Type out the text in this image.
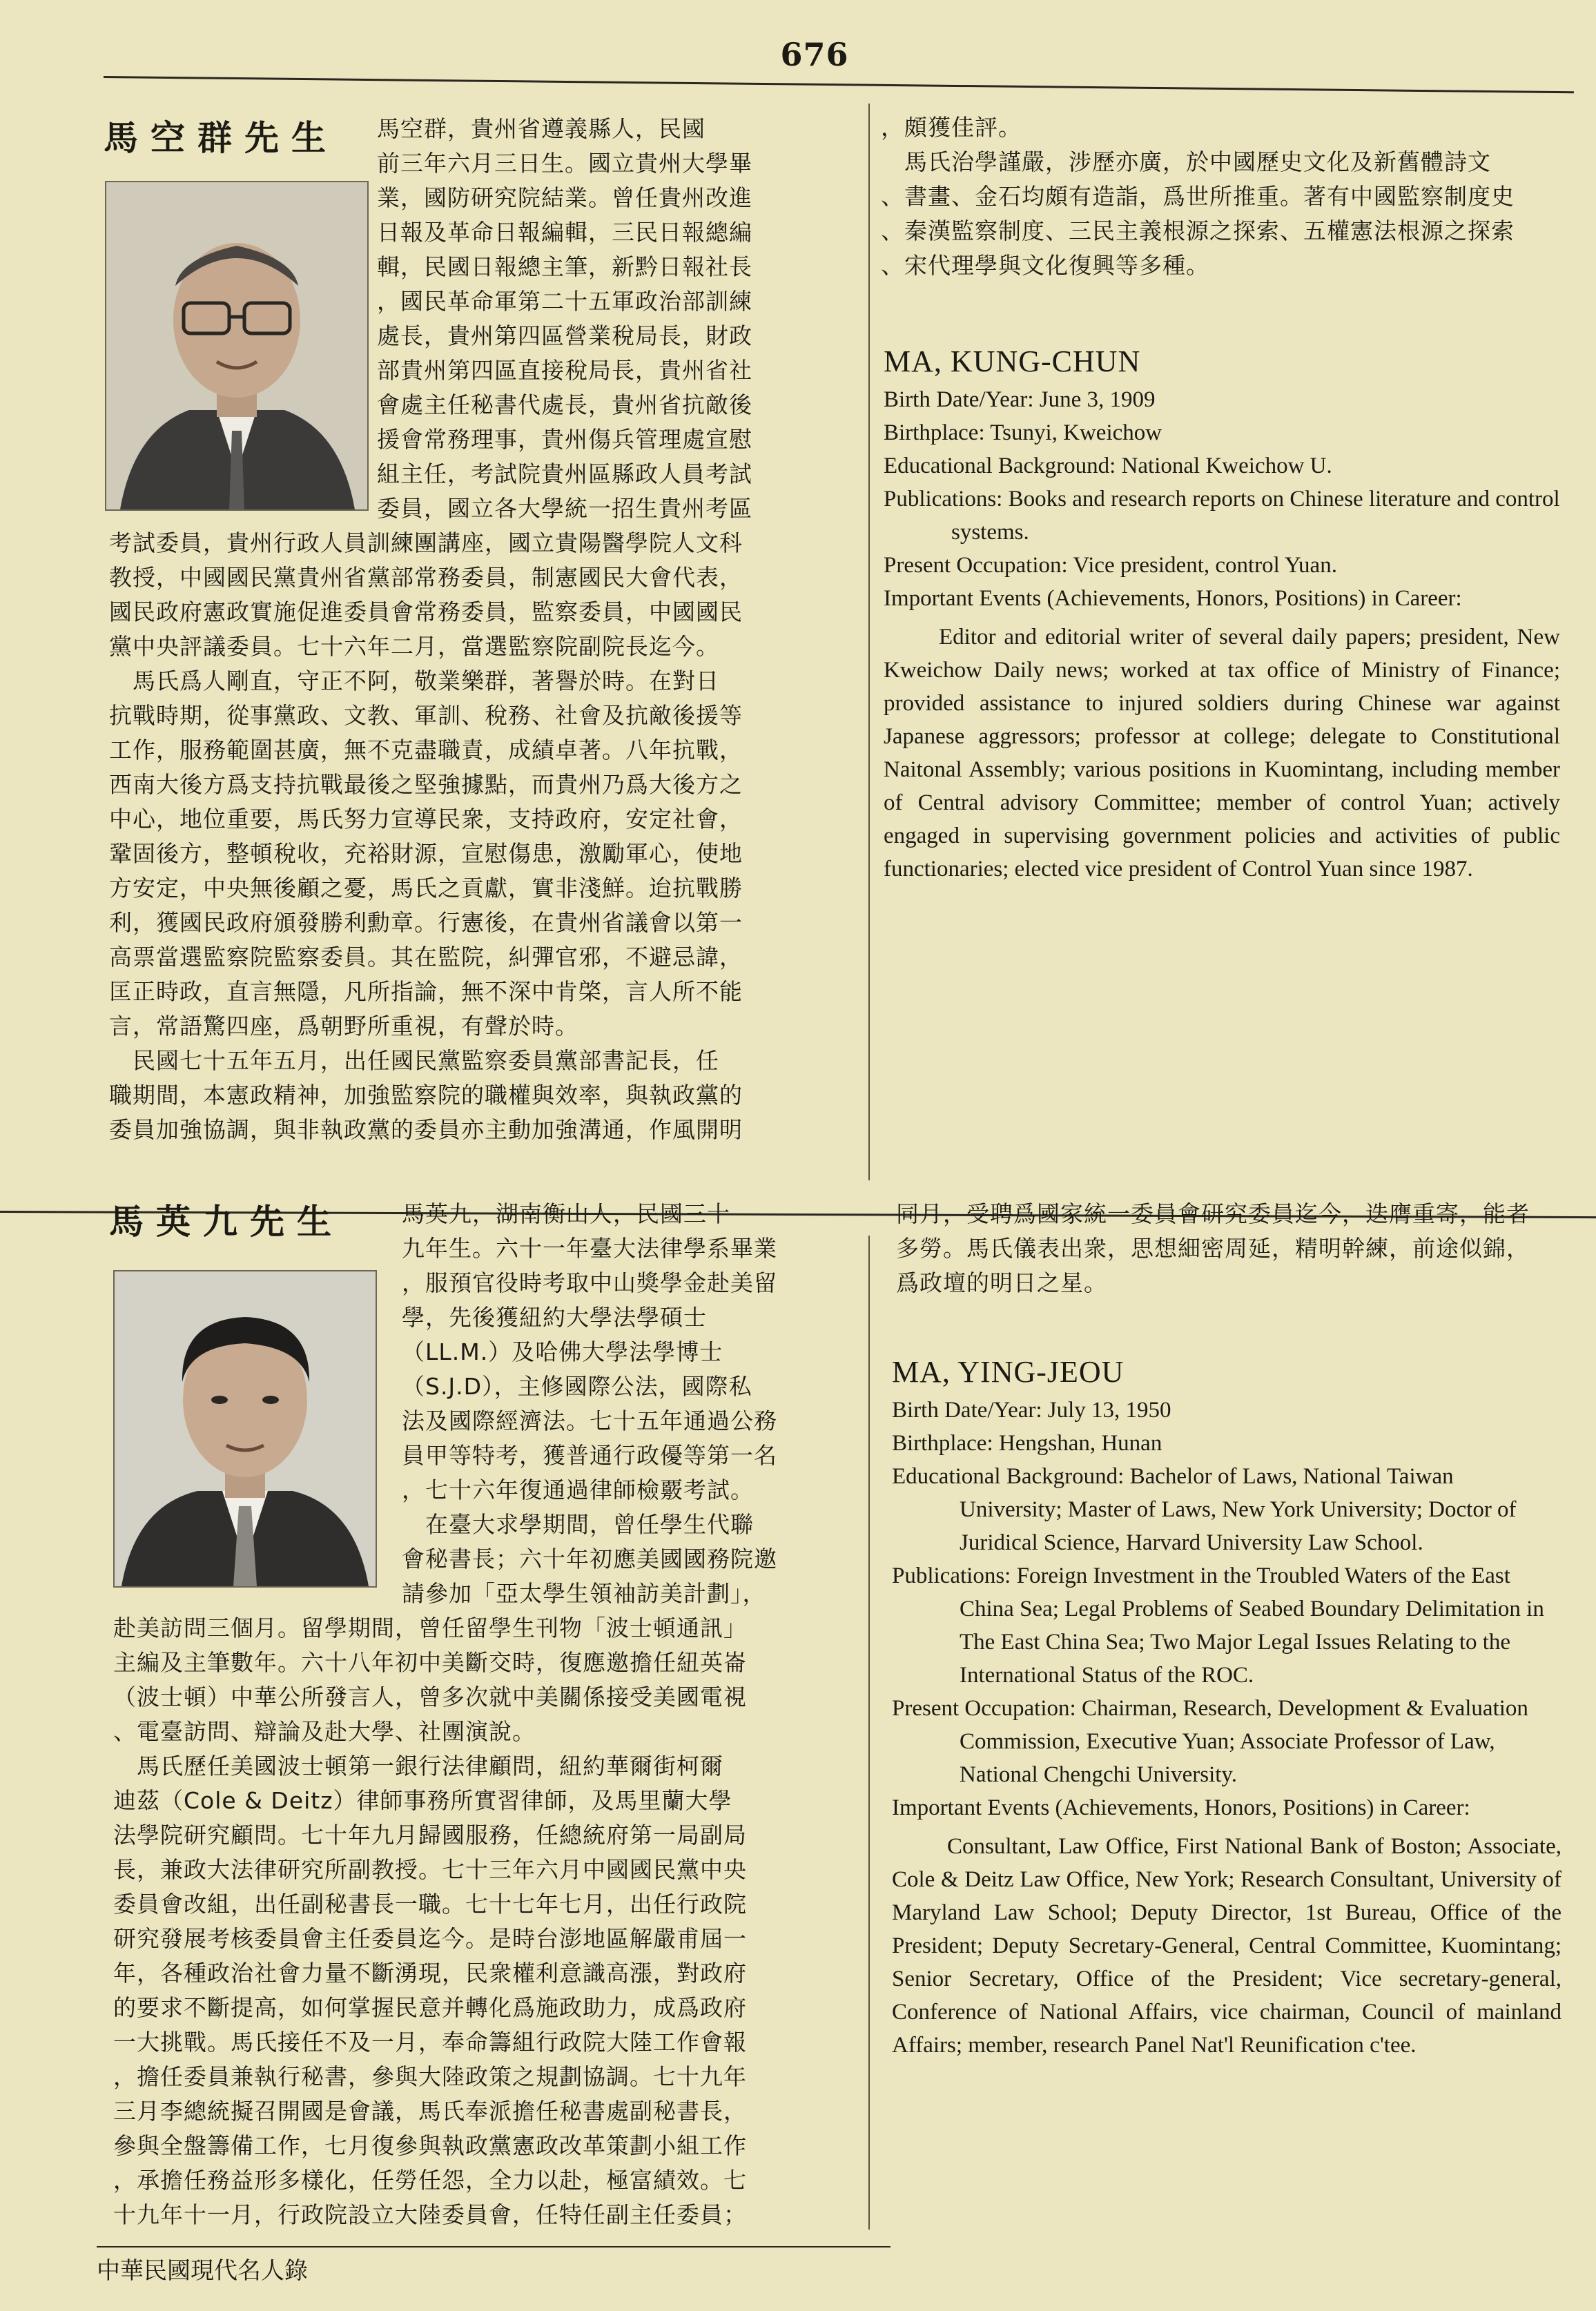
676
馬空群先生 馬空群，貴州省遵義縣人，民國
前三年六月三日生。國立貴州大學畢
業，國防研究院結業。曾任貴州改進
日報及革命日報編輯，三民日報總編
輯，民國日報總主筆，新黔日報社長
，國民革命軍第二十五軍政治部訓練
處長，貴州第四區營業稅局長，財政
部貴州第四區直接稅局長，貴州省社
會處主任秘書代處長，貴州省抗敵後
援會常務理事，貴州傷兵管理處宣慰
組主任，考試院貴州區縣政人員考試
委員，國立各大學統一招生貴州考區
考試委員，貴州行政人員訓練團講座，國立貴陽醫學院人文科
教授，中國國民黨貴州省黨部常務委員，制憲國民大會代表，
國民政府憲政實施促進委員會常務委員，監察委員，中國國民
黨中央評議委員。七十六年二月，當選監察院副院長迄今。
　馬氏爲人剛直，守正不阿，敬業樂群，著譽於時。在對日
抗戰時期，從事黨政、文教、軍訓、稅務、社會及抗敵後援等
工作，服務範圍甚廣，無不克盡職責，成績卓著。八年抗戰，
西南大後方爲支持抗戰最後之堅強據點，而貴州乃爲大後方之
中心，地位重要，馬氏努力宣導民衆，支持政府，安定社會，
鞏固後方，整頓稅收，充裕財源，宣慰傷患，激勵軍心，使地
方安定，中央無後顧之憂，馬氏之貢獻，實非淺鮮。迨抗戰勝
利，獲國民政府頒發勝利勳章。行憲後，在貴州省議會以第一
高票當選監察院監察委員。其在監院，糾彈官邪，不避忌諱，
匡正時政，直言無隱，凡所指論，無不深中肯棨，言人所不能
言，常語驚四座，爲朝野所重視，有聲於時。
　民國七十五年五月，出任國民黨監察委員黨部書記長，任
職期間，本憲政精神，加強監察院的職權與效率，與執政黨的
委員加強協調，與非執政黨的委員亦主動加強溝通，作風開明
，頗獲佳評。
　馬氏治學謹嚴，涉歷亦廣，於中國歷史文化及新舊體詩文
、書畫、金石均頗有造詣，爲世所推重。著有中國監察制度史
、秦漢監察制度、三民主義根源之探索、五權憲法根源之探索
、宋代理學與文化復興等多種。
MA, KUNG-CHUN
Birth Date/Year: June 3, 1909
Birthplace: Tsunyi, Kweichow
Educational Background: National Kweichow U.
Publications: Books and research reports on Chinese literature and control systems.
Present Occupation: Vice president, control Yuan.
Important Events (Achievements, Honors, Positions) in Career:
Editor and editorial writer of several daily papers; president, New Kweichow Daily news; worked at tax office of Ministry of Finance; provided assistance to injured soldiers during Chinese war against Japanese aggressors; professor at college; delegate to Constitutional Naitonal Assembly; various positions in Kuomintang, including member of Central advisory Committee; member of control Yuan; actively engaged in supervising government policies and activities of public functionaries; elected vice president of Control Yuan since 1987.
馬英九先生	馬英九，湖南衡山人，民國三十
九年生。六十一年臺大法律學系畢業
，服預官役時考取中山獎學金赴美留
學，先後獲紐約大學法學碩士
（LL.M.）及哈佛大學法學博士
（S.J.D），主修國際公法，國際私
法及國際經濟法。七十五年通過公務
員甲等特考，獲普通行政優等第一名
，七十六年復通過律師檢覈考試。
　在臺大求學期間，曾任學生代聯
會秘書長；六十年初應美國國務院邀
請參加「亞太學生領袖訪美計劃」，
赴美訪問三個月。留學期間，曾任留學生刊物「波士頓通訊」
主編及主筆數年。六十八年初中美斷交時，復應邀擔任紐英崙
（波士頓）中華公所發言人，曾多次就中美關係接受美國電視
、電臺訪問、辯論及赴大學、社團演說。
　馬氏歷任美國波士頓第一銀行法律顧問，紐約華爾街柯爾
迪茲（Cole & Deitz）律師事務所實習律師，及馬里蘭大學
法學院研究顧問。七十年九月歸國服務，任總統府第一局副局
長，兼政大法律研究所副教授。七十三年六月中國國民黨中央
委員會改組，出任副秘書長一職。七十七年七月，出任行政院
研究發展考核委員會主任委員迄今。是時台澎地區解嚴甫屆一
年，各種政治社會力量不斷湧現，民衆權利意識高漲，對政府
的要求不斷提高，如何掌握民意并轉化爲施政助力，成爲政府
一大挑戰。馬氏接任不及一月，奉命籌組行政院大陸工作會報
，擔任委員兼執行秘書，參與大陸政策之規劃協調。七十九年
三月李總統擬召開國是會議，馬氏奉派擔任秘書處副秘書長，
參與全盤籌備工作，七月復參與執政黨憲政改革策劃小組工作
，承擔任務益形多樣化，任勞任怨，全力以赴，極富績效。七
十九年十一月，行政院設立大陸委員會，任特任副主任委員；
同月，受聘爲國家統一委員會研究委員迄今，迭膺重寄，能者
多勞。馬氏儀表出衆，思想細密周延，精明幹練，前途似錦，
爲政壇的明日之星。
MA, YING-JEOU
Birth Date/Year: July 13, 1950
Birthplace: Hengshan, Hunan
Educational Background: Bachelor of Laws, National Taiwan University; Master of Laws, New York University; Doctor of Juridical Science, Harvard University Law School.
Publications: Foreign Investment in the Troubled Waters of the East China Sea; Legal Problems of Seabed Boundary Delimitation in The East China Sea; Two Major Legal Issues Relating to the International Status of the ROC.
Present Occupation: Chairman, Research, Development & Evaluation Commission, Executive Yuan; Associate Professor of Law, National Chengchi University.
Important Events (Achievements, Honors, Positions) in Career:
Consultant, Law Office, First National Bank of Boston; Associate, Cole & Deitz Law Office, New York; Research Consultant, University of Maryland Law School; Deputy Director, 1st Bureau, Office of the President; Deputy Secretary-General, Central Committee, Kuomintang; Senior Secretary, Office of the President; Vice secretary-general, Conference of National Affairs, vice chairman, Council of mainland Affairs; member, research Panel Nat'l Reunification c'tee.
中華民國現代名人錄
